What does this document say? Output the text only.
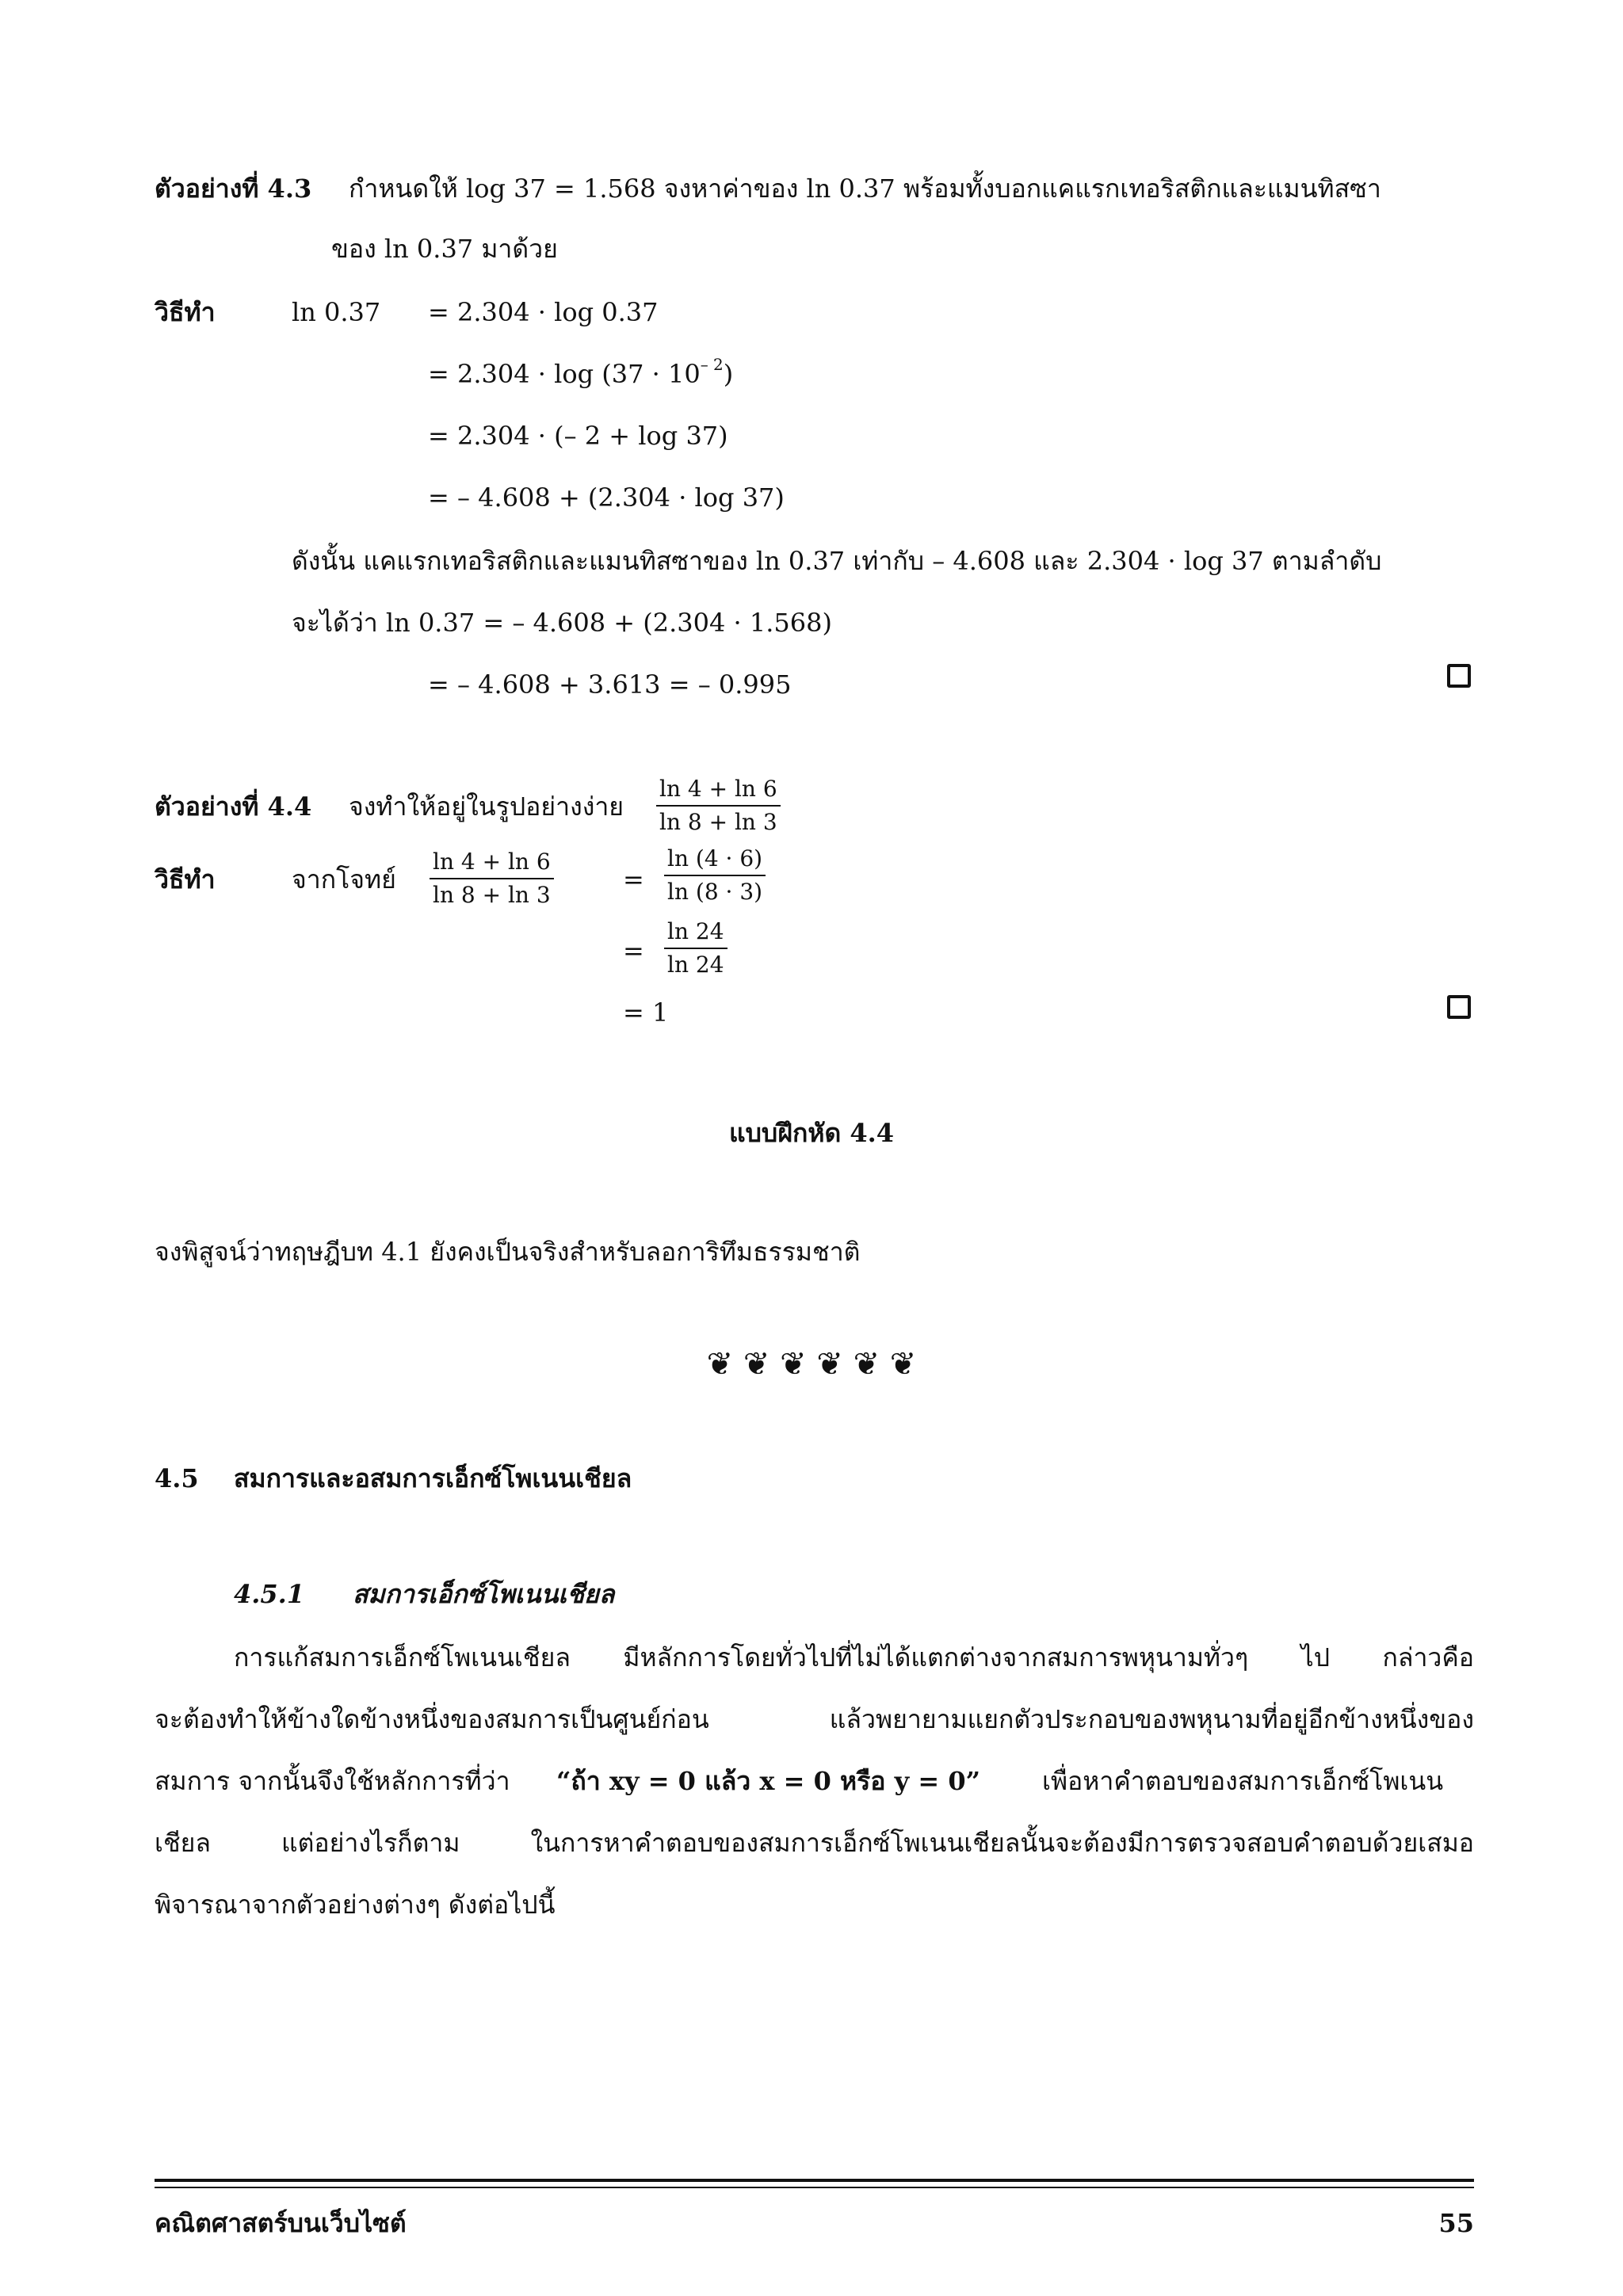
ตัวอย่างที่ 4.3 กำหนดให้ log 37 = 1.568 จงหาค่าของ ln 0.37 พร้อมทั้งบอกแคแรกเทอริสติกและแมนทิสซา
ของ ln 0.37 มาด้วย
วิธีทำ	ln 0.37 = 2.304 · log 0.37
= $2.304 \cdot \log (37 \cdot 10^{- 2})$
= 2.304 · (– 2 + log 37)
= – 4.608 + (2.304 · log 37)
ดังนั้น แคแรกเทอริสติกและแมนทิสซาของ ln 0.37 เท่ากับ – 4.608 และ 2.304 · log 37 ตามลำดับ
จะได้ว่า ln 0.37 = – 4.608 + (2.304 · 1.568)
= – 4.608 + 3.613 = – 0.995
ตัวอย่างที่ 4.4 จงทำให้อยู่ในรูปอย่างง่าย $\frac{\ln 4 + \ln 6}{\ln 8 + \ln 3}$
วิธีทำ	จากโจทย์ $\frac{\ln 4 + \ln 6}{\ln 8 + \ln 3}$	= $\frac{\ln (4 \cdot 6)}{\ln (8 \cdot 3)}$
= $\frac{\ln 24}{\ln 24}$
= 1
แบบฝึกหัด 4.4
จงพิสูจน์ว่าทฤษฎีบท 4.1 ยังคงเป็นจริงสำหรับลอการิทึมธรรมชาติ
❦ ❦ ❦ ❦ ❦ ❦
4.5 สมการและอสมการเอ็กซ์โพเนนเชียล
4.5.1 สมการเอ็กซ์โพเนนเชียล
การแก้สมการเอ็กซ์โพเนนเชียล มีหลักการโดยทั่วไปที่ไม่ได้แตกต่างจากสมการพหุนามทั่วๆ ไป กล่าวคือ
จะต้องทำให้ข้างใดข้างหนึ่งของสมการเป็นศูนย์ก่อน แล้วพยายามแยกตัวประกอบของพหุนามที่อยู่อีกข้างหนึ่งของ
สมการ จากนั้นจึงใช้หลักการที่ว่า “ถ้า xy = 0 แล้ว x = 0 หรือ y = 0” เพื่อหาคำตอบของสมการเอ็กซ์โพเนน
เชียล แต่อย่างไรก็ตาม ในการหาคำตอบของสมการเอ็กซ์โพเนนเชียลนั้นจะต้องมีการตรวจสอบคำตอบด้วยเสมอ
พิจารณาจากตัวอย่างต่างๆ ดังต่อไปนี้
คณิตศาสตร์บนเว็บไซต์	55
